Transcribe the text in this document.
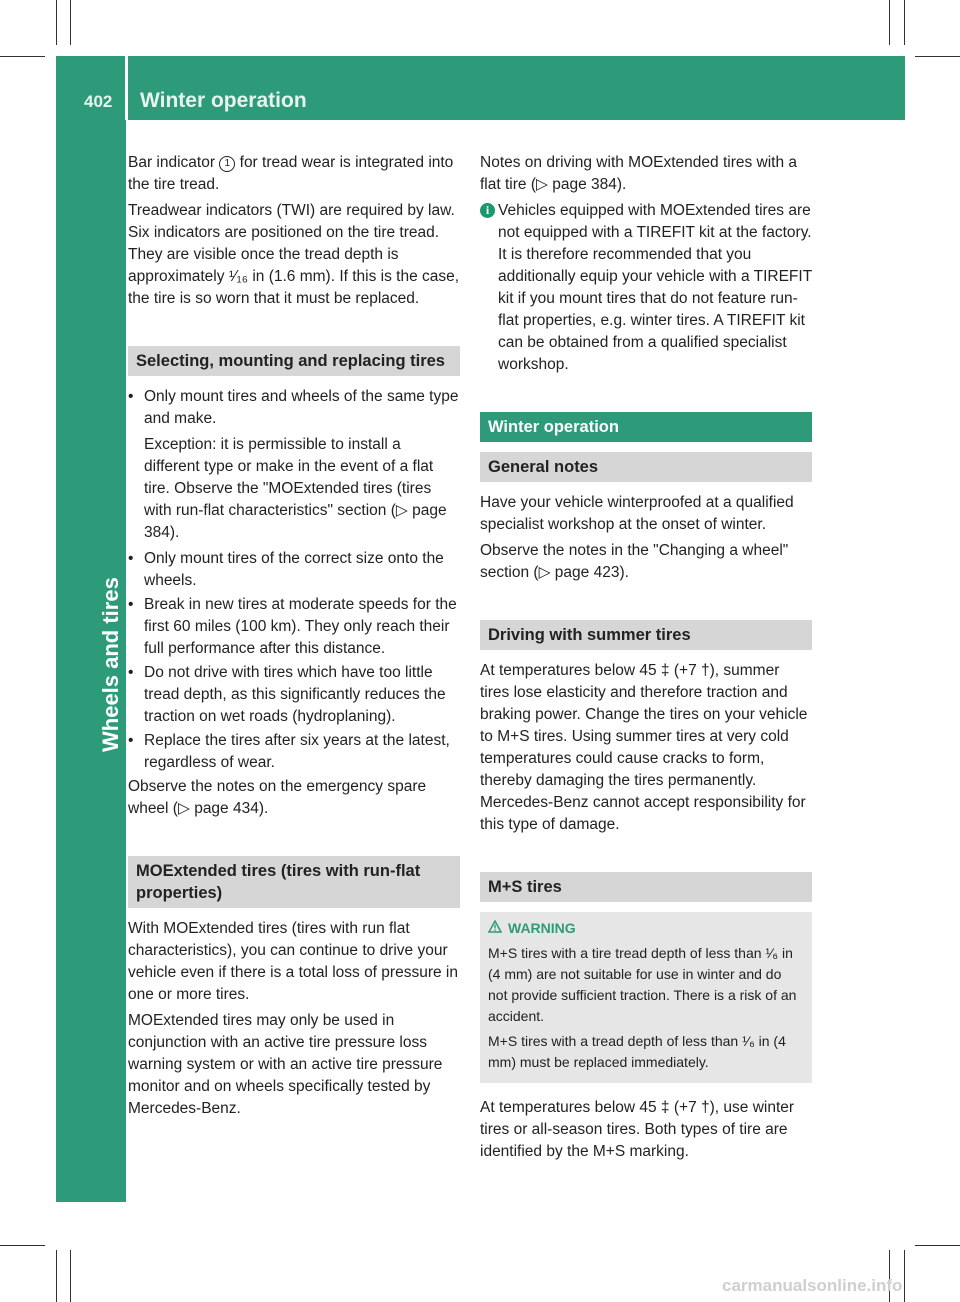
402 Winter operation
Wheels and tires

Bar indicator 1 for tread wear is integrated into the tire tread.

Treadwear indicators (TWI) are required by law. Six indicators are positioned on the tire tread. They are visible once the tread depth is approximately ¹⁄₁₆ in (1.6 mm). If this is the case, the tire is so worn that it must be replaced.

Selecting, mounting and replacing tires
• Only mount tires and wheels of the same type and make.

Exception: it is permissible to install a different type or make in the event of a flat tire. Observe the "MOExtended tires (tires with run-flat characteristics" section (▷ page 384).

• Only mount tires of the correct size onto the wheels.
• Break in new tires at moderate speeds for the first 60 miles (100 km). They only reach their full performance after this distance.
• Do not drive with tires which have too little tread depth, as this significantly reduces the traction on wet roads (hydroplaning).
• Replace the tires after six years at the latest, regardless of wear.

Observe the notes on the emergency spare wheel (▷ page 434).

MOExtended tires (tires with run-flat properties)

With MOExtended tires (tires with run flat characteristics), you can continue to drive your vehicle even if there is a total loss of pressure in one or more tires.

MOExtended tires may only be used in conjunction with an active tire pressure loss warning system or with an active tire pressure monitor and on wheels specifically tested by Mercedes-Benz.

Notes on driving with MOExtended tires with a flat tire (▷ page 384).

i Vehicles equipped with MOExtended tires are not equipped with a TIREFIT kit at the factory. It is therefore recommended that you additionally equip your vehicle with a TIREFIT kit if you mount tires that do not feature run-flat properties, e.g. winter tires. A TIREFIT kit can be obtained from a qualified specialist workshop.
Winter operation
General notes

Have your vehicle winterproofed at a qualified specialist workshop at the onset of winter.

Observe the notes in the "Changing a wheel" section (▷ page 423).

Driving with summer tires

At temperatures below 45 ‡ (+7 †), summer tires lose elasticity and therefore traction and braking power. Change the tires on your vehicle to M+S tires. Using summer tires at very cold temperatures could cause cracks to form, thereby damaging the tires permanently. Mercedes-Benz cannot accept responsibility for this type of damage.

M+S tires
WARNING

M+S tires with a tire tread depth of less than ¹⁄₆ in (4 mm) are not suitable for use in winter and do not provide sufficient traction. There is a risk of an accident.

M+S tires with a tread depth of less than ¹⁄₆ in (4 mm) must be replaced immediately.

At temperatures below 45 ‡ (+7 †), use winter tires or all-season tires. Both types of tire are identified by the M+S marking.

carmanualsonline.info
